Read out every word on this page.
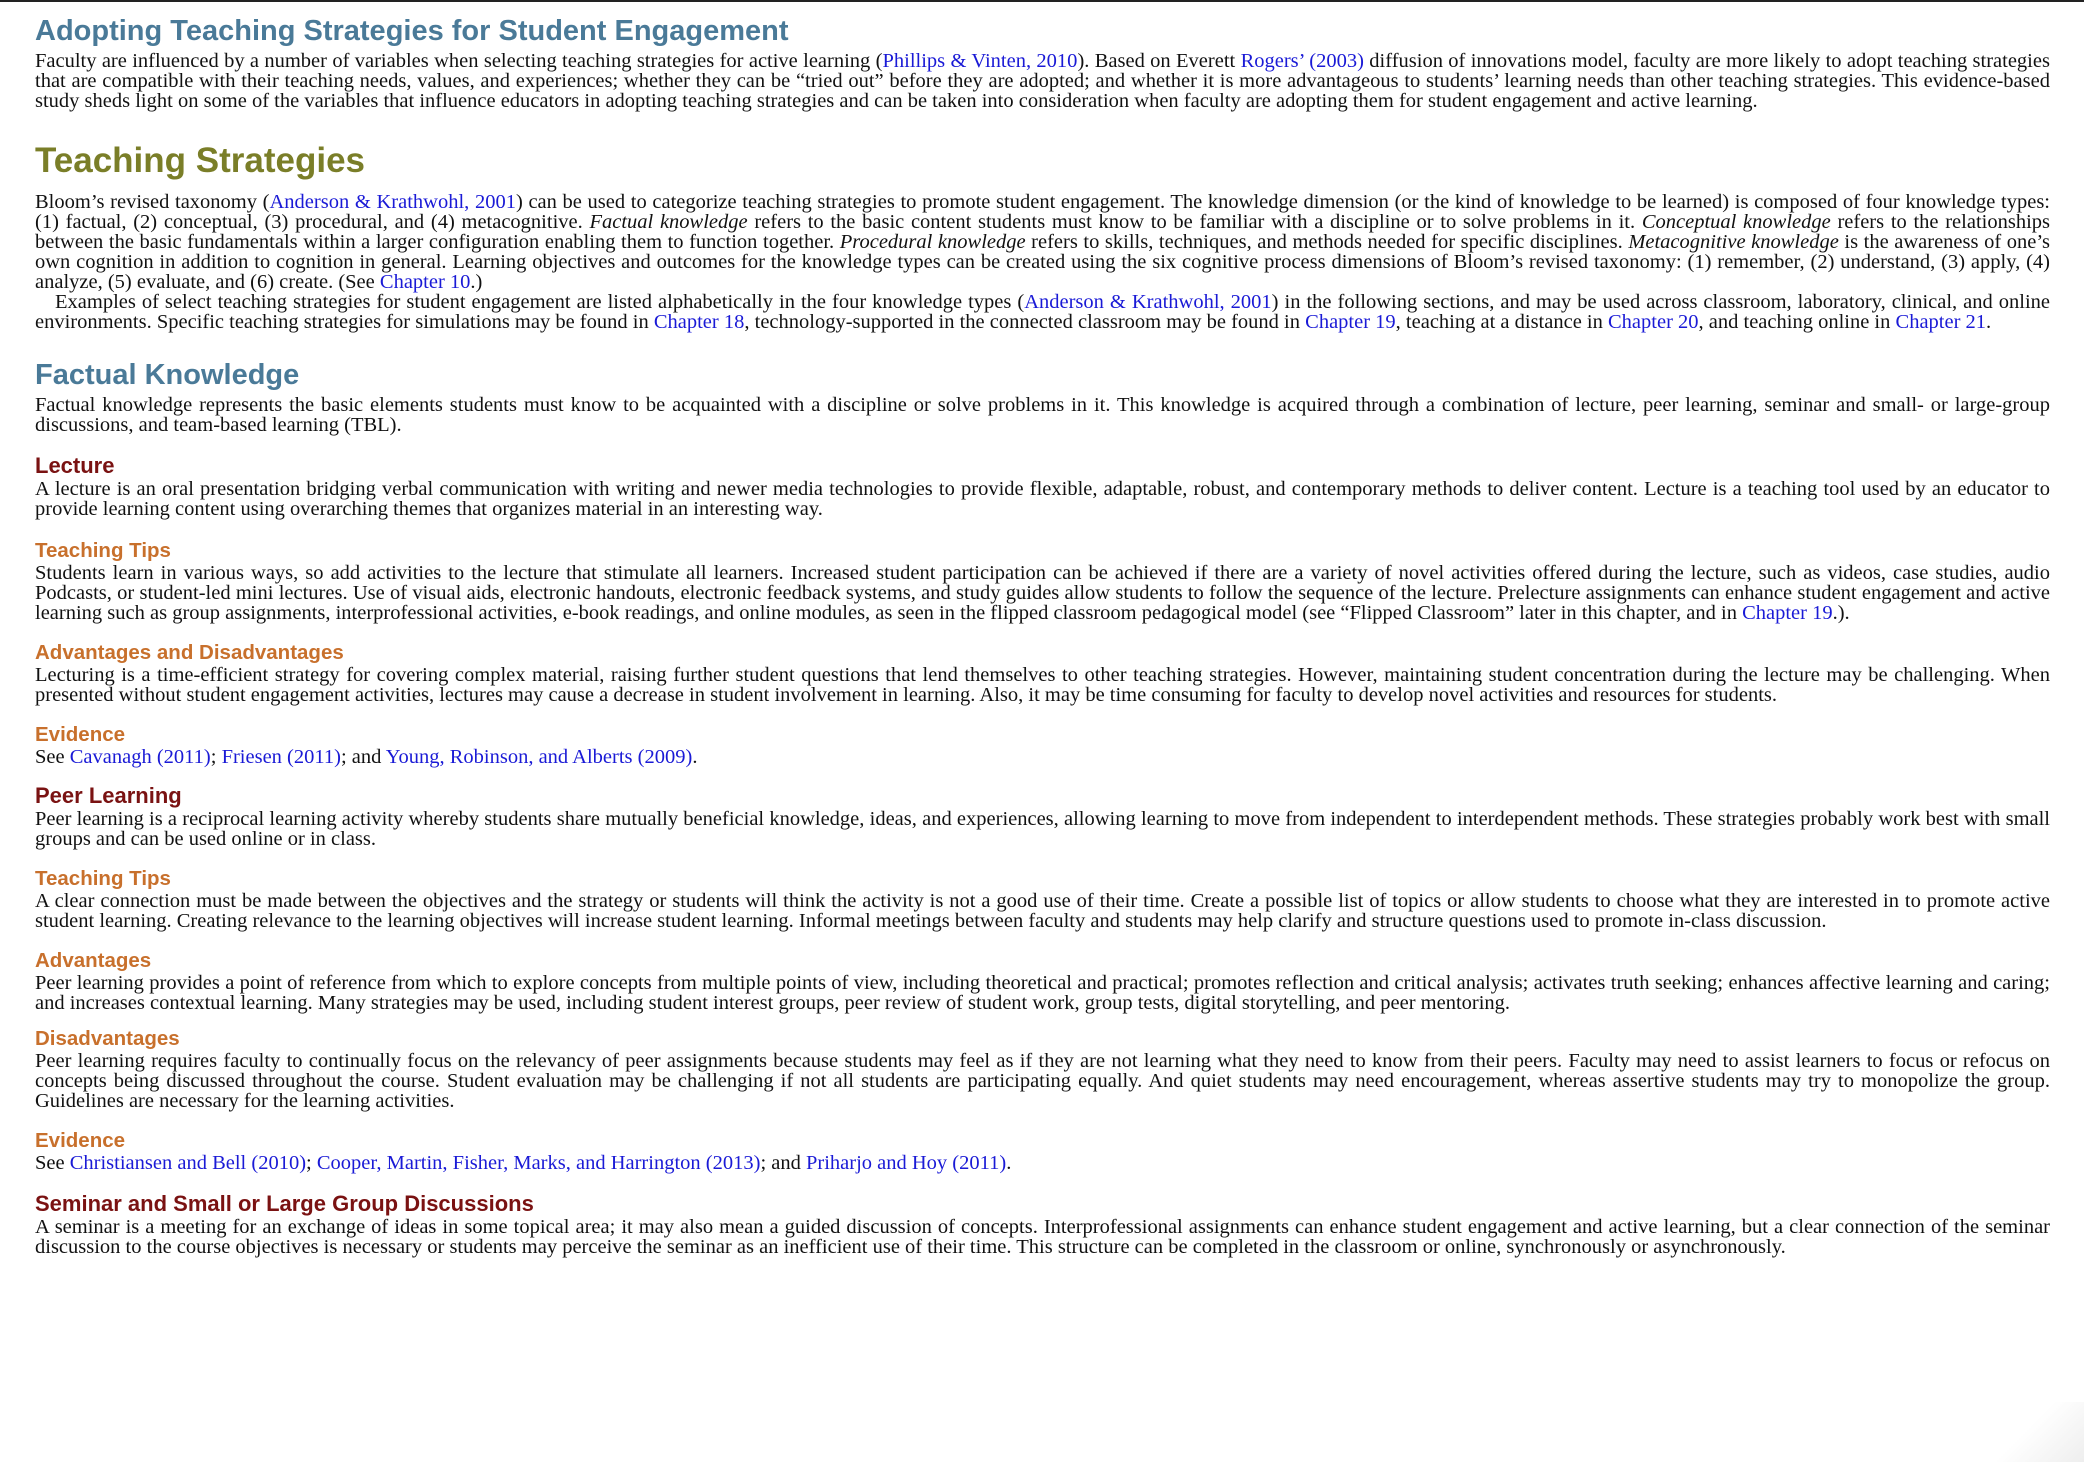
Adopting Teaching Strategies for Student Engagement

Faculty are influenced by a number of variables when selecting teaching strategies for active learning (Phillips & Vinten, 2010). Based on Everett Rogers’ (2003) diffusion of innovations model, faculty are more likely to adopt teaching strategies that are compatible with their teaching needs, values, and experiences; whether they can be “tried out” before they are adopted; and whether it is more advantageous to students’ learning needs than other teaching strategies. This evidence-based study sheds light on some of the variables that influence educators in adopting teaching strategies and can be taken into consideration when faculty are adopting them for student engagement and active learning.

Teaching Strategies

Bloom’s revised taxonomy (Anderson & Krathwohl, 2001) can be used to categorize teaching strategies to promote student engagement. The knowledge dimension (or the kind of knowledge to be learned) is composed of four knowledge types: (1) factual, (2) conceptual, (3) procedural, and (4) metacognitive. Factual knowledge refers to the basic content students must know to be familiar with a discipline or to solve problems in it. Conceptual knowledge refers to the relationships between the basic fundamentals within a larger configuration enabling them to function together. Procedural knowledge refers to skills, techniques, and methods needed for specific disciplines. Metacognitive knowledge is the awareness of one’s own cognition in addition to cognition in general. Learning objectives and outcomes for the knowledge types can be created using the six cognitive process dimensions of Bloom’s revised taxonomy: (1) remember, (2) understand, (3) apply, (4) analyze, (5) evaluate, and (6) create. (See Chapter 10.)

Examples of select teaching strategies for student engagement are listed alphabetically in the four knowledge types (Anderson & Krathwohl, 2001) in the following sections, and may be used across classroom, laboratory, clinical, and online environments. Specific teaching strategies for simulations may be found in Chapter 18, technology-supported in the connected classroom may be found in Chapter 19, teaching at a distance in Chapter 20, and teaching online in Chapter 21.

Factual Knowledge

Factual knowledge represents the basic elements students must know to be acquainted with a discipline or solve problems in it. This knowledge is acquired through a combination of lecture, peer learning, seminar and small- or large-group discussions, and team-based learning (TBL).

Lecture

A lecture is an oral presentation bridging verbal communication with writing and newer media technologies to provide flexible, adaptable, robust, and contemporary methods to deliver content. Lecture is a teaching tool used by an educator to provide learning content using overarching themes that organizes material in an interesting way.

Teaching Tips

Students learn in various ways, so add activities to the lecture that stimulate all learners. Increased student participation can be achieved if there are a variety of novel activities offered during the lecture, such as videos, case studies, audio Podcasts, or student-led mini lectures. Use of visual aids, electronic handouts, electronic feedback systems, and study guides allow students to follow the sequence of the lecture. Prelecture assignments can enhance student engagement and active learning such as group assignments, interprofessional activities, e-book readings, and online modules, as seen in the flipped classroom pedagogical model (see “Flipped Classroom” later in this chapter, and in Chapter 19.).

Advantages and Disadvantages

Lecturing is a time-efficient strategy for covering complex material, raising further student questions that lend themselves to other teaching strategies. However, maintaining student concentration during the lecture may be challenging. When presented without student engagement activities, lectures may cause a decrease in student involvement in learning. Also, it may be time consuming for faculty to develop novel activities and resources for students.

Evidence

See Cavanagh (2011); Friesen (2011); and Young, Robinson, and Alberts (2009).

Peer Learning

Peer learning is a reciprocal learning activity whereby students share mutually beneficial knowledge, ideas, and experiences, allowing learning to move from independent to interdependent methods. These strategies probably work best with small groups and can be used online or in class.

Teaching Tips

A clear connection must be made between the objectives and the strategy or students will think the activity is not a good use of their time. Create a possible list of topics or allow students to choose what they are interested in to promote active student learning. Creating relevance to the learning objectives will increase student learning. Informal meetings between faculty and students may help clarify and structure questions used to promote in-class discussion.

Advantages

Peer learning provides a point of reference from which to explore concepts from multiple points of view, including theoretical and practical; promotes reflection and critical analysis; activates truth seeking; enhances affective learning and caring; and increases contextual learning. Many strategies may be used, including student interest groups, peer review of student work, group tests, digital storytelling, and peer mentoring.

Disadvantages

Peer learning requires faculty to continually focus on the relevancy of peer assignments because students may feel as if they are not learning what they need to know from their peers. Faculty may need to assist learners to focus or refocus on concepts being discussed throughout the course. Student evaluation may be challenging if not all students are participating equally. And quiet students may need encouragement, whereas assertive students may try to monopolize the group. Guidelines are necessary for the learning activities.

Evidence

See Christiansen and Bell (2010); Cooper, Martin, Fisher, Marks, and Harrington (2013); and Priharjo and Hoy (2011).

Seminar and Small or Large Group Discussions

A seminar is a meeting for an exchange of ideas in some topical area; it may also mean a guided discussion of concepts. Interprofessional assignments can enhance student engagement and active learning, but a clear connection of the seminar discussion to the course objectives is necessary or students may perceive the seminar as an inefficient use of their time. This structure can be completed in the classroom or online, synchronously or asynchronously.
